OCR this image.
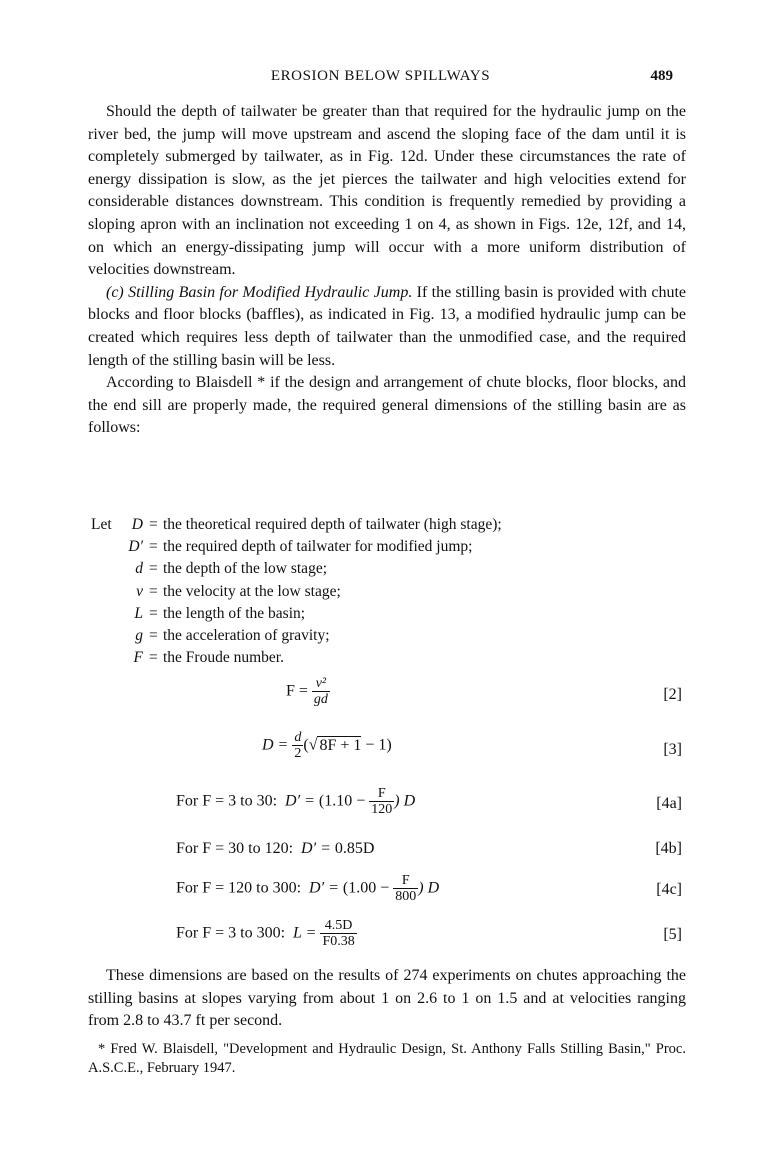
EROSION BELOW SPILLWAYS	489

Should the depth of tailwater be greater than that required for the hydraulic jump on the river bed, the jump will move upstream and ascend the sloping face of the dam until it is completely submerged by tailwater, as in Fig. 12d. Under these circumstances the rate of energy dissipation is slow, as the jet pierces the tailwater and high velocities extend for considerable distances downstream. This condition is frequently remedied by providing a sloping apron with an inclination not exceeding 1 on 4, as shown in Figs. 12e, 12f, and 14, on which an energy-dissipating jump will occur with a more uniform distribution of velocities downstream.

(c) Stilling Basin for Modified Hydraulic Jump. If the stilling basin is provided with chute blocks and floor blocks (baffles), as indicated in Fig. 13, a modified hydraulic jump can be created which requires less depth of tailwater than the unmodified case, and the required length of the stilling basin will be less.

According to Blaisdell * if the design and arrangement of chute blocks, floor blocks, and the end sill are properly made, the required general dimensions of the stilling basin are as follows:

Let	D = the theoretical required depth of tailwater (high stage);
D′ = the required depth of tailwater for modified jump;
d = the depth of the low stage;
v = the velocity at the low stage;
L = the length of the basin;
g = the acceleration of gravity;
F = the Froude number.
$F = \frac{\text{v²}}{gd}$	[2]
$D = \frac{d}{2}$ (√ 8F + 1 − 1)	[3]
For F = 3 to 30: $D' = (1.10 - \frac{F}{120}$ ) D	[4a]
For F = 30 to 120: D′ = 0.85D	[4b]
For F = 120 to 300: $D' = (1.00 - \frac{F}{800}$ ) D	[4c]
For F = 3 to 300: $L = \frac{4.5D}{F0.38}$	[5]

These dimensions are based on the results of 274 experiments on chutes approaching the stilling basins at slopes varying from about 1 on 2.6 to 1 on 1.5 and at velocities ranging from 2.8 to 43.7 ft per second.

* Fred W. Blaisdell, "Development and Hydraulic Design, St. Anthony Falls Stilling Basin," Proc. A.S.C.E., February 1947.
